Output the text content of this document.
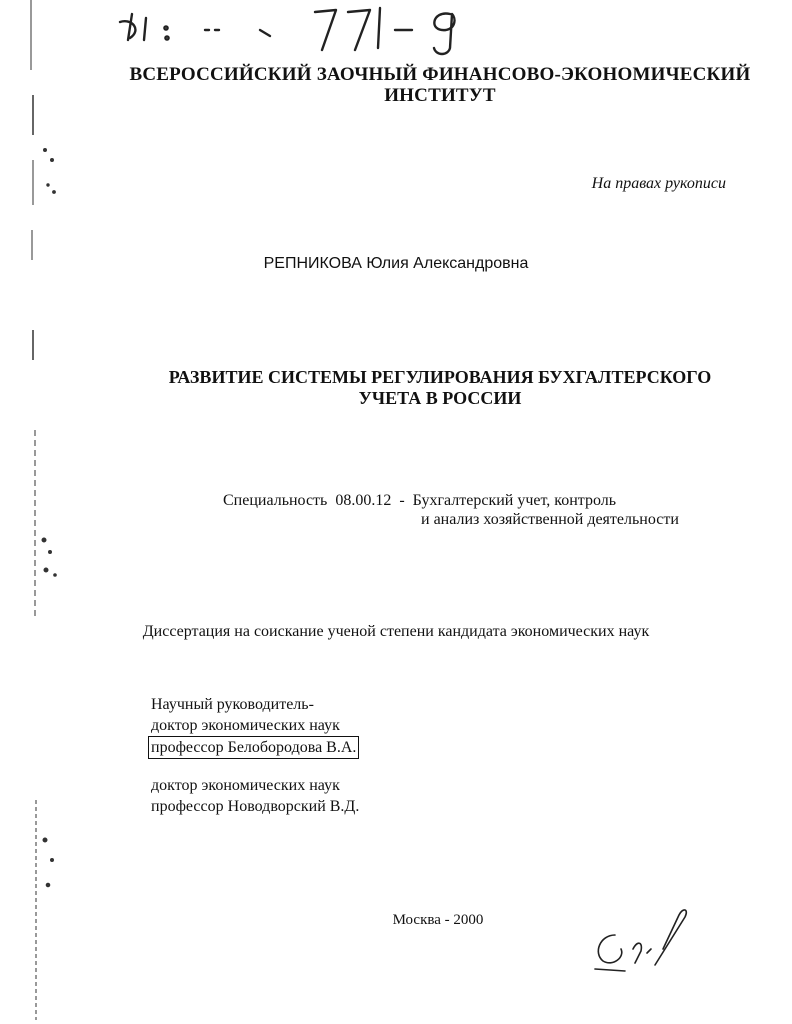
ВСЕРОССИЙСКИЙ ЗАОЧНЫЙ ФИНАНСОВО-ЭКОНОМИЧЕСКИЙ
ИНСТИТУТ
На правах рукописи
РЕПНИКОВА Юлия Александровна
РАЗВИТИЕ СИСТЕМЫ РЕГУЛИРОВАНИЯ БУХГАЛТЕРСКОГО
УЧЕТА В РОССИИ
Специальность 08.00.12 - Бухгалтерский учет, контроль
и анализ хозяйственной деятельности
Диссертация на соискание ученой степени кандидата экономических наук
Научный руководитель-
доктор экономических наук
профессор Белобородова В.А.
доктор экономических наук
профессор Новодворский В.Д.
Москва - 2000
